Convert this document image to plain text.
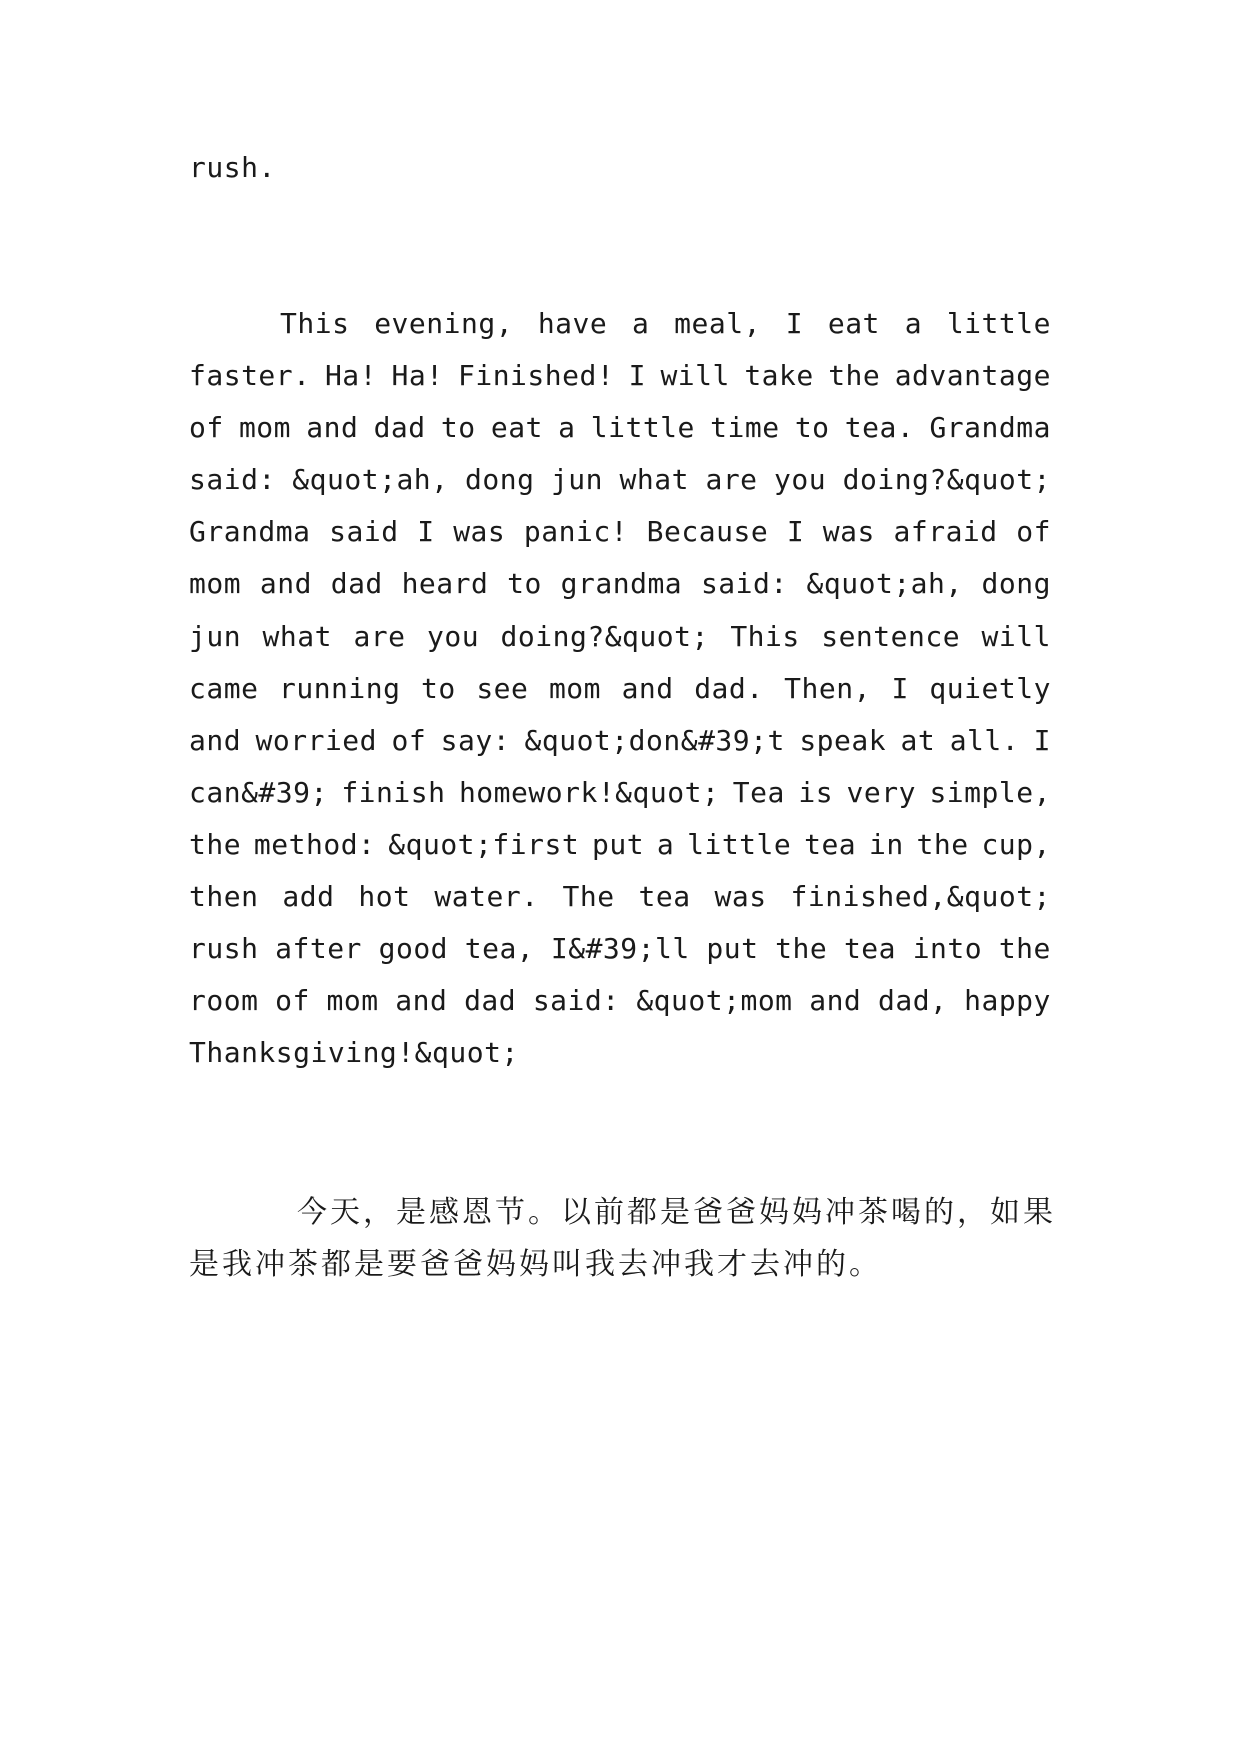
rush.
This evening, have a meal, I eat a little
faster. Ha! Ha! Finished! I will take the advantage
of mom and dad to eat a little time to tea. Grandma
said: &quot;ah, dong jun what are you doing?&quot;
Grandma said I was panic! Because I was afraid of
mom and dad heard to grandma said: &quot;ah, dong
jun what are you doing?&quot; This sentence will
came running to see mom and dad. Then, I quietly
and worried of say: &quot;don&#39;t speak at all. I
can&#39; finish homework!&quot; Tea is very simple,
the method: &quot;first put a little tea in the cup,
then add hot water. The tea was finished,&quot;
rush after good tea, I&#39;ll put the tea into the
room of mom and dad said: &quot;mom and dad, happy
Thanksgiving!&quot;
今天，是感恩节。以前都是爸爸妈妈冲茶喝的，如果
是我冲茶都是要爸爸妈妈叫我去冲我才去冲的。
